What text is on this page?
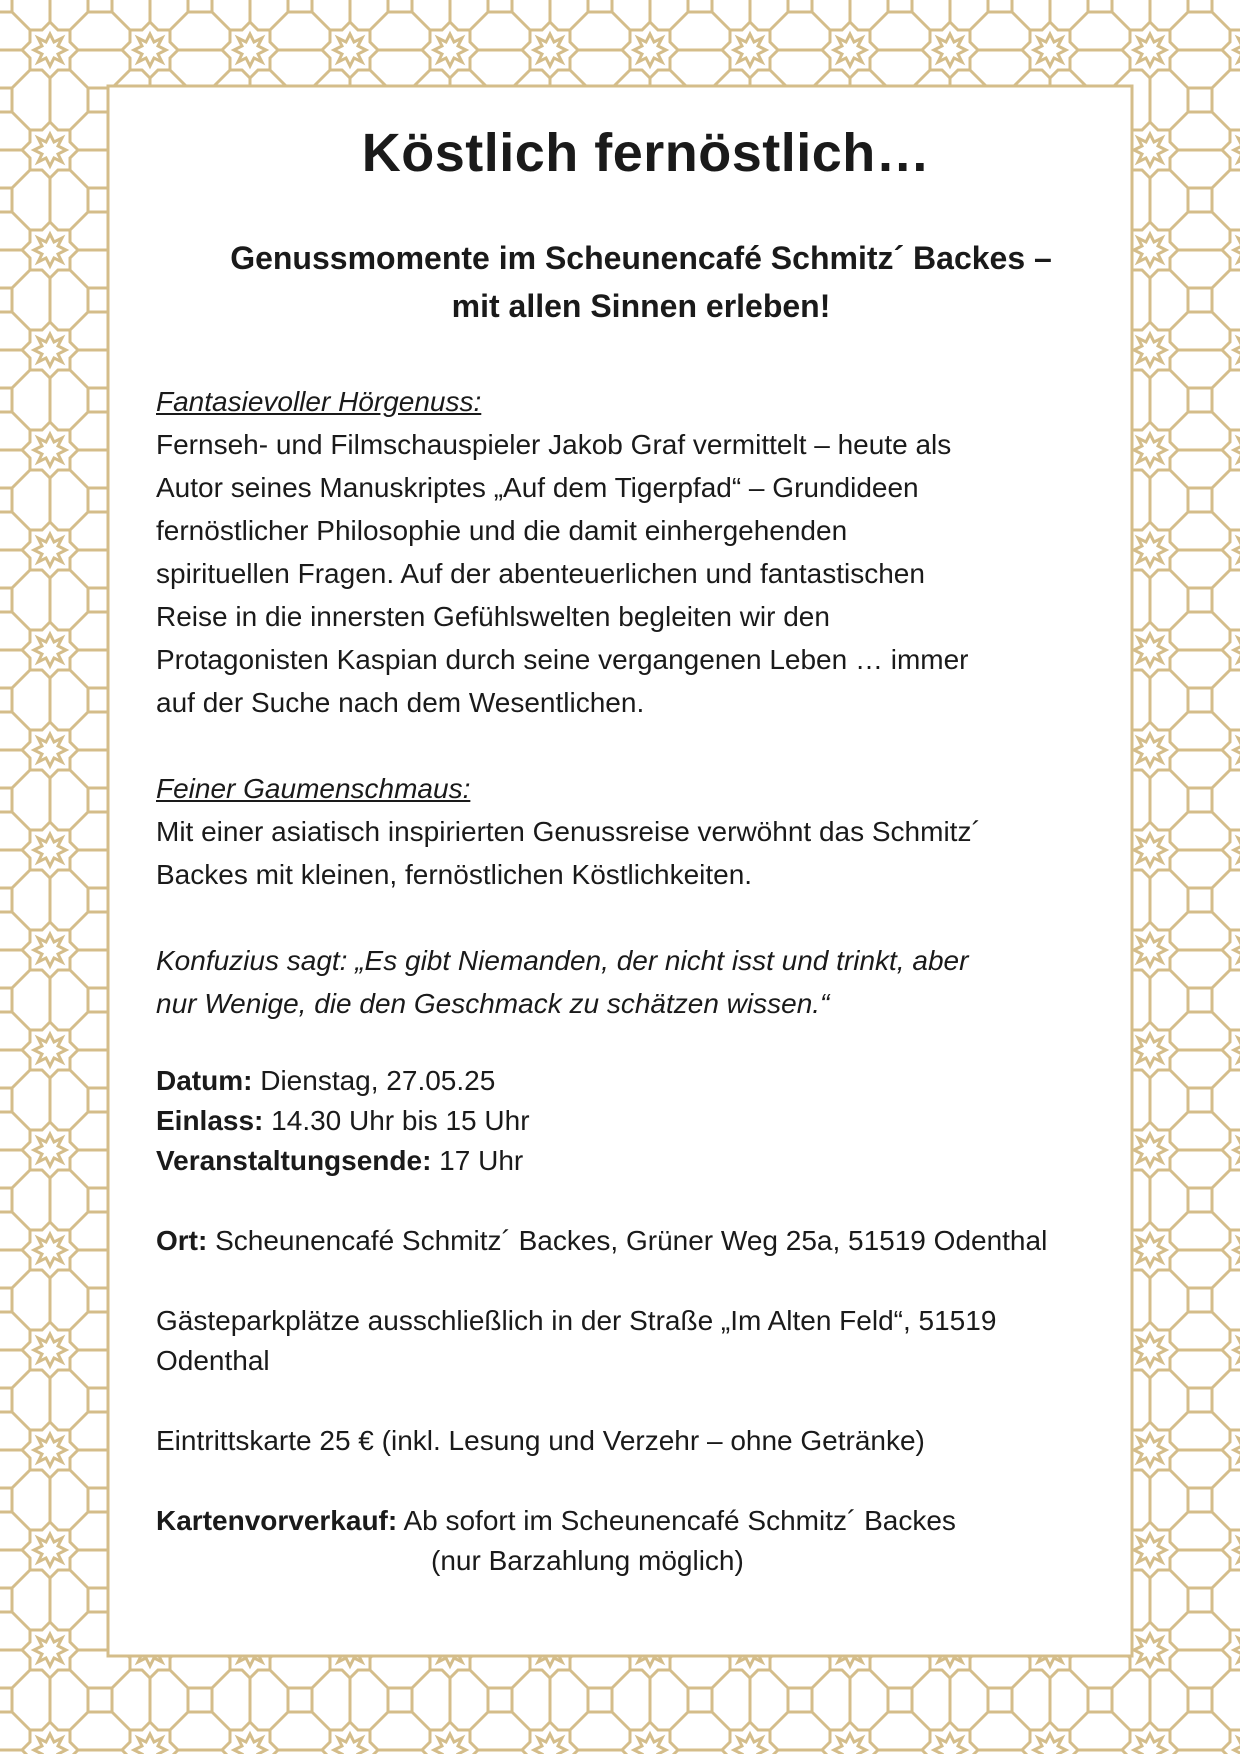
Köstlich fernöstlich…

Genussmomente im Scheunencafé Schmitz´ Backes –
mit allen Sinnen erleben!

Fantasievoller Hörgenuss:

Fernseh- und Filmschauspieler Jakob Graf vermittelt – heute als

Autor seines Manuskriptes „Auf dem Tigerpfad“ – Grundideen

fernöstlicher Philosophie und die damit einhergehenden

spirituellen Fragen. Auf der abenteuerlichen und fantastischen

Reise in die innersten Gefühlswelten begleiten wir den

Protagonisten Kaspian durch seine vergangenen Leben … immer

auf der Suche nach dem Wesentlichen.

Feiner Gaumenschmaus:

Mit einer asiatisch inspirierten Genussreise verwöhnt das Schmitz´

Backes mit kleinen, fernöstlichen Köstlichkeiten.

Konfuzius sagt: „Es gibt Niemanden, der nicht isst und trinkt, aber

nur Wenige, die den Geschmack zu schätzen wissen.“

Datum: Dienstag, 27.05.25

Einlass: 14.30 Uhr bis 15 Uhr

Veranstaltungsende: 17 Uhr

Ort: Scheunencafé Schmitz´ Backes, Grüner Weg 25a, 51519 Odenthal

Gästeparkplätze ausschließlich in der Straße „Im Alten Feld“, 51519

Odenthal

Eintrittskarte 25 € (inkl. Lesung und Verzehr – ohne Getränke)

Kartenvorverkauf: Ab sofort im Scheunencafé Schmitz´ Backes

(nur Barzahlung möglich)
